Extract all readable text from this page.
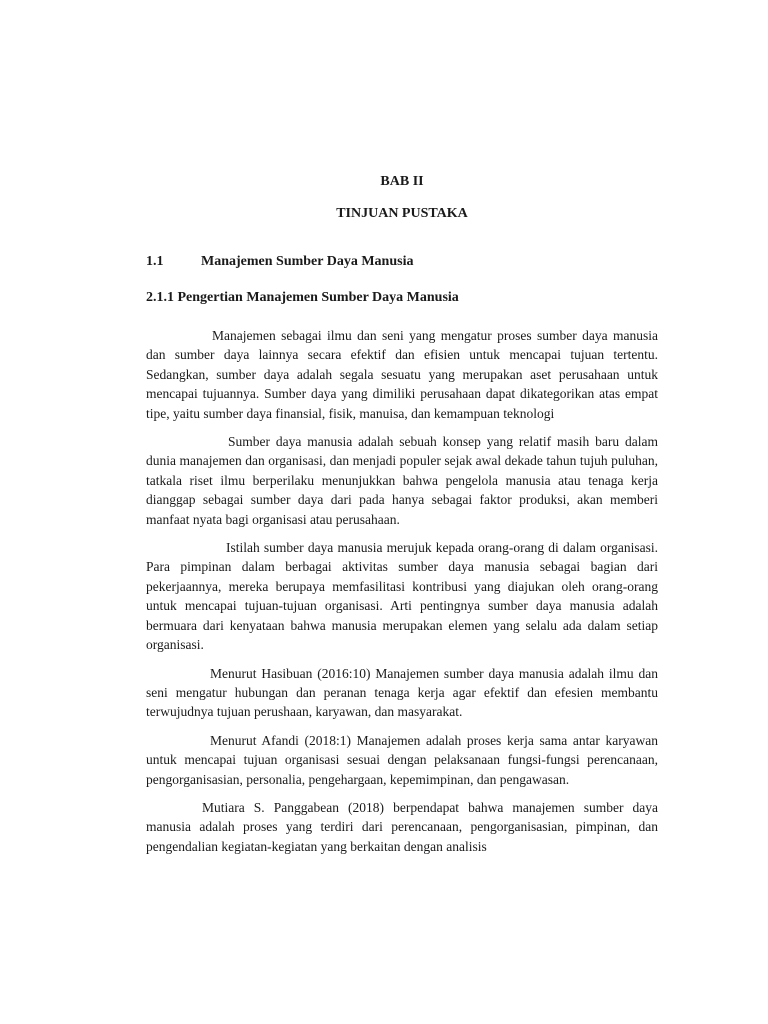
BAB II
TINJUAN PUSTAKA
1.1	Manajemen Sumber Daya Manusia
2.1.1 Pengertian Manajemen Sumber Daya Manusia

Manajemen sebagai ilmu dan seni yang mengatur proses sumber daya manusia dan sumber daya lainnya secara efektif dan efisien untuk mencapai tujuan tertentu. Sedangkan, sumber daya adalah segala sesuatu yang merupakan aset perusahaan untuk mencapai tujuannya. Sumber daya yang dimiliki perusahaan dapat dikategorikan atas empat tipe, yaitu sumber daya finansial, fisik, manuisa, dan kemampuan teknologi

Sumber daya manusia adalah sebuah konsep yang relatif masih baru dalam dunia manajemen dan organisasi, dan menjadi populer sejak awal dekade tahun tujuh puluhan, tatkala riset ilmu berperilaku menunjukkan bahwa pengelola manusia atau tenaga kerja dianggap sebagai sumber daya dari pada hanya sebagai faktor produksi, akan memberi manfaat nyata bagi organisasi atau perusahaan.

Istilah sumber daya manusia merujuk kepada orang-orang di dalam organisasi. Para pimpinan dalam berbagai aktivitas sumber daya manusia sebagai bagian dari pekerjaannya, mereka berupaya memfasilitasi kontribusi yang diajukan oleh orang-orang untuk mencapai tujuan-tujuan organisasi. Arti pentingnya sumber daya manusia adalah bermuara dari kenyataan bahwa manusia merupakan elemen yang selalu ada dalam setiap organisasi.

Menurut Hasibuan (2016:10) Manajemen sumber daya manusia adalah ilmu dan seni mengatur hubungan dan peranan tenaga kerja agar efektif dan efesien membantu terwujudnya tujuan perushaan, karyawan, dan masyarakat.

Menurut Afandi (2018:1) Manajemen adalah proses kerja sama antar karyawan untuk mencapai tujuan organisasi sesuai dengan pelaksanaan fungsi-fungsi perencanaan, pengorganisasian, personalia, pengehargaan, kepemimpinan, dan pengawasan.

Mutiara S. Panggabean (2018) berpendapat bahwa manajemen sumber daya manusia adalah proses yang terdiri dari perencanaan, pengorganisasian, pimpinan, dan pengendalian kegiatan-kegiatan yang berkaitan dengan analisis
